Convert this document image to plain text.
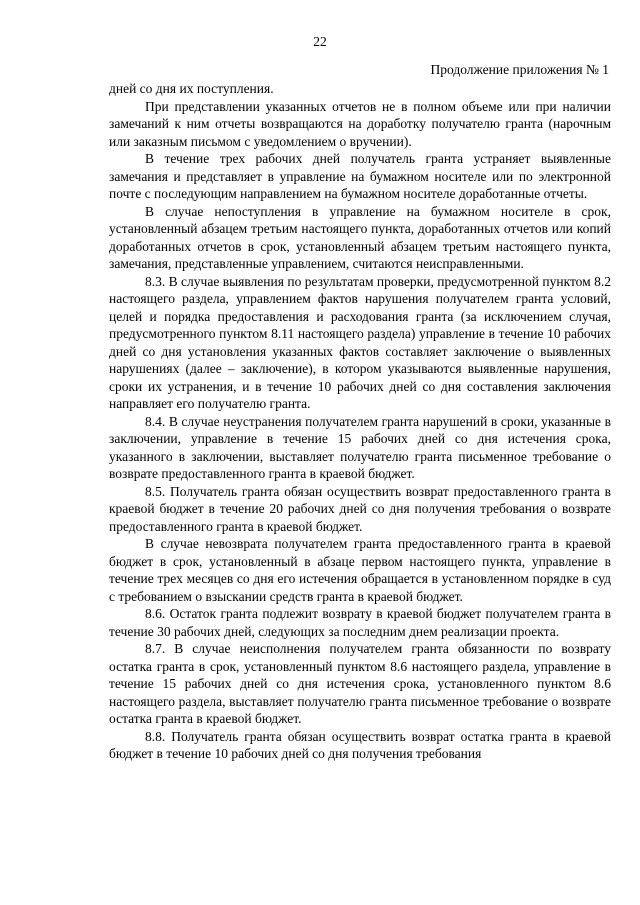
22
Продолжение приложения № 1

дней со дня их поступления.

При представлении указанных отчетов не в полном объеме или при наличии замечаний к ним отчеты возвращаются на доработку получателю гранта (нарочным или заказным письмом с уведомлением о вручении).

В течение трех рабочих дней получатель гранта устраняет выявленные замечания и представляет в управление на бумажном носителе или по электронной почте с последующим направлением на бумажном носителе доработанные отчеты.

В случае непоступления в управление на бумажном носителе в срок, установленный абзацем третьим настоящего пункта, доработанных отчетов или копий доработанных отчетов в срок, установленный абзацем третьим настоящего пункта, замечания, представленные управлением, считаются неисправленными.

8.3. В случае выявления по результатам проверки, предусмотренной пунктом 8.2 настоящего раздела, управлением фактов нарушения получателем гранта условий, целей и порядка предоставления и расходования гранта (за исключением случая, предусмотренного пунктом 8.11 настоящего раздела) управление в течение 10 рабочих дней со дня установления указанных фактов составляет заключение о выявленных нарушениях (далее – заключение), в котором указываются выявленные нарушения, сроки их устранения, и в течение 10 рабочих дней со дня составления заключения направляет его получателю гранта.

8.4. В случае неустранения получателем гранта нарушений в сроки, указанные в заключении, управление в течение 15 рабочих дней со дня истечения срока, указанного в заключении, выставляет получателю гранта письменное требование о возврате предоставленного гранта в краевой бюджет.

8.5. Получатель гранта обязан осуществить возврат предоставленного гранта в краевой бюджет в течение 20 рабочих дней со дня получения требования о возврате предоставленного гранта в краевой бюджет.

В случае невозврата получателем гранта предоставленного гранта в краевой бюджет в срок, установленный в абзаце первом настоящего пункта, управление в течение трех месяцев со дня его истечения обращается в установленном порядке в суд с требованием о взыскании средств гранта в краевой бюджет.

8.6. Остаток гранта подлежит возврату в краевой бюджет получателем гранта в течение 30 рабочих дней, следующих за последним днем реализации проекта.

8.7. В случае неисполнения получателем гранта обязанности по возврату остатка гранта в срок, установленный пунктом 8.6 настоящего раздела, управление в течение 15 рабочих дней со дня истечения срока, установленного пунктом 8.6 настоящего раздела, выставляет получателю гранта письменное требование о возврате остатка гранта в краевой бюджет.

8.8. Получатель гранта обязан осуществить возврат остатка гранта в краевой бюджет в течение 10 рабочих дней со дня получения требования
